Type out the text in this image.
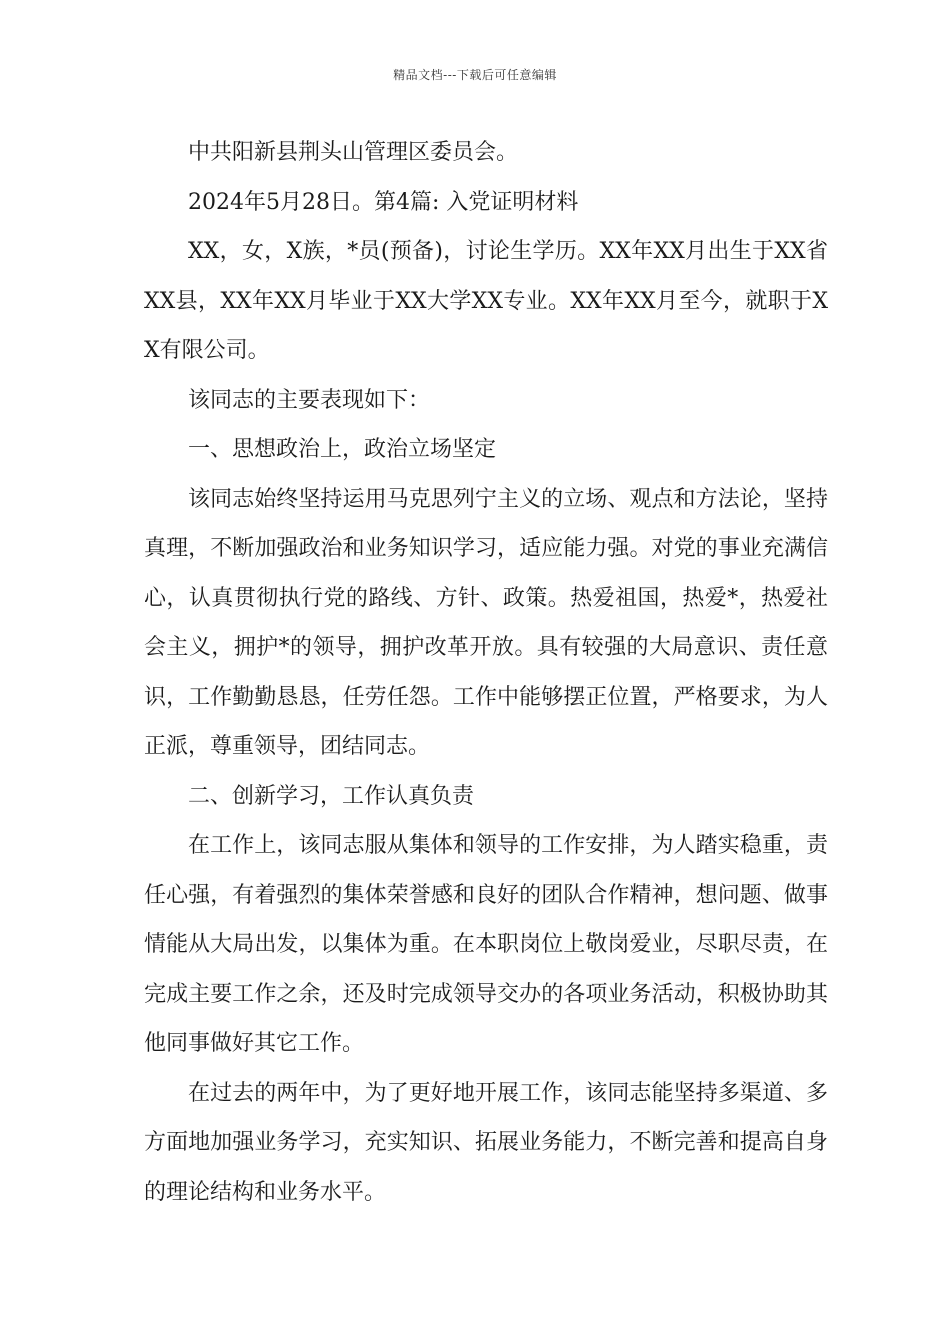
精品文档---下载后可任意编辑

中共阳新县荆头山管理区委员会。

2024年5月28日。第4篇: 入党证明材料

XX，女，X族，*员(预备)，讨论生学历。XX年XX月出生于XX省XX县，XX年XX月毕业于XX大学XX专业。XX年XX月至今，就职于XX有限公司。

该同志的主要表现如下：

一、思想政治上，政治立场坚定

该同志始终坚持运用马克思列宁主义的立场、观点和方法论，坚持真理，不断加强政治和业务知识学习，适应能力强。对党的事业充满信心，认真贯彻执行党的路线、方针、政策。热爱祖国，热爱*，热爱社会主义，拥护*的领导，拥护改革开放。具有较强的大局意识、责任意识，工作勤勤恳恳，任劳任怨。工作中能够摆正位置，严格要求，为人正派，尊重领导，团结同志。

二、创新学习，工作认真负责

在工作上，该同志服从集体和领导的工作安排，为人踏实稳重，责任心强，有着强烈的集体荣誉感和良好的团队合作精神，想问题、做事情能从大局出发，以集体为重。在本职岗位上敬岗爱业，尽职尽责，在完成主要工作之余，还及时完成领导交办的各项业务活动，积极协助其他同事做好其它工作。

在过去的两年中，为了更好地开展工作，该同志能坚持多渠道、多方面地加强业务学习，充实知识、拓展业务能力，不断完善和提高自身的理论结构和业务水平。
